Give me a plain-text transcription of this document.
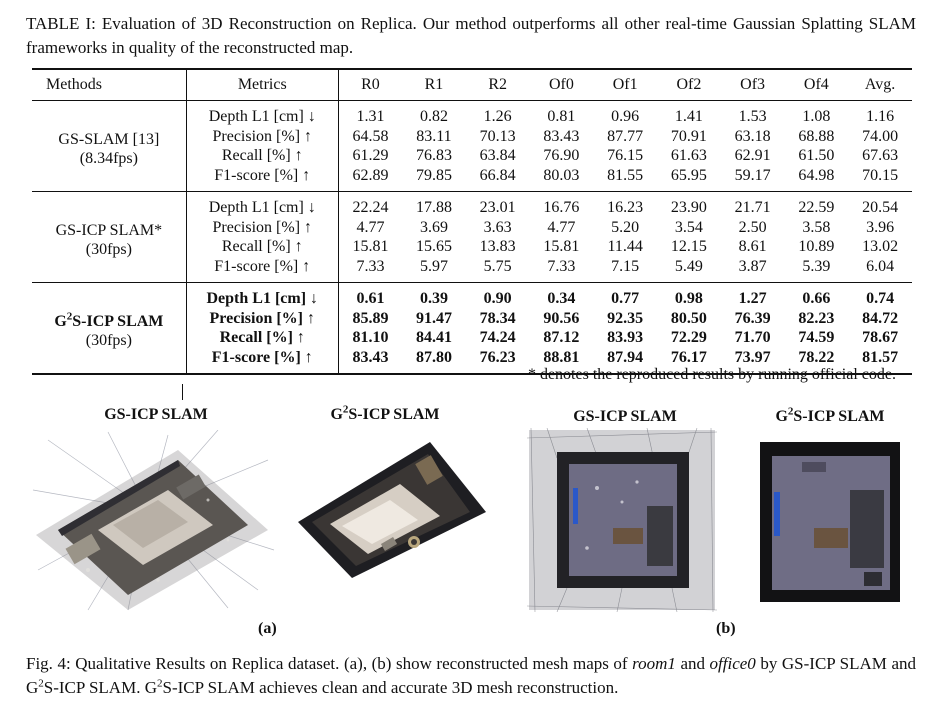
TABLE I: Evaluation of 3D Reconstruction on Replica. Our method outperforms all other real-time Gaussian Splatting SLAM frameworks in quality of the reconstructed map.
Methods	Metrics	R0	R1	R2	Of0	Of1	Of2	Of3	Of4	Avg.

GS-SLAM [13]
(8.34fps)	Depth L1 [cm] ↓	1.31	0.82	1.26	0.81	0.96	1.41	1.53	1.08	1.16
	Precision [%] ↑	64.58	83.11	70.13	83.43	87.77	70.91	63.18	68.88	74.00
	Recall [%] ↑	61.29	76.83	63.84	76.90	76.15	61.63	62.91	61.50	67.63
	F1-score [%] ↑	62.89	79.85	66.84	80.03	81.55	65.95	59.17	64.98	70.15

GS-ICP SLAM*
(30fps)	Depth L1 [cm] ↓	22.24	17.88	23.01	16.76	16.23	23.90	21.71	22.59	20.54
	Precision [%] ↑	4.77	3.69	3.63	4.77	5.20	3.54	2.50	3.58	3.96
	Recall [%] ↑	15.81	15.65	13.83	15.81	11.44	12.15	8.61	10.89	13.02
	F1-score [%] ↑	7.33	5.97	5.75	7.33	7.15	5.49	3.87	5.39	6.04

$G^2S$-ICP SLAM
(30fps)	Depth L1 [cm] ↓	0.61	0.39	0.90	0.34	0.77	0.98	1.27	0.66	0.74
	Precision [%] ↑	85.89	91.47	78.34	90.56	92.35	80.50	76.39	82.23	84.72
	Recall [%] ↑	81.10	84.41	74.24	87.12	83.93	72.29	71.70	74.59	78.67
	F1-score [%] ↑	83.43	87.80	76.23	88.81	87.94	76.17	73.97	78.22	81.57
* denotes the reproduced results by running official code.
GS-ICP SLAM	$G^2S$-ICP SLAM	GS-ICP SLAM	$G^2S$-ICP SLAM
(a)	(b)
Fig. 4: Qualitative Results on Replica dataset. (a), (b) show reconstructed mesh maps of room1 and office0 by GS-ICP SLAM and $G^2S$-ICP SLAM. $G^2S$-ICP SLAM achieves clean and accurate 3D mesh reconstruction.
